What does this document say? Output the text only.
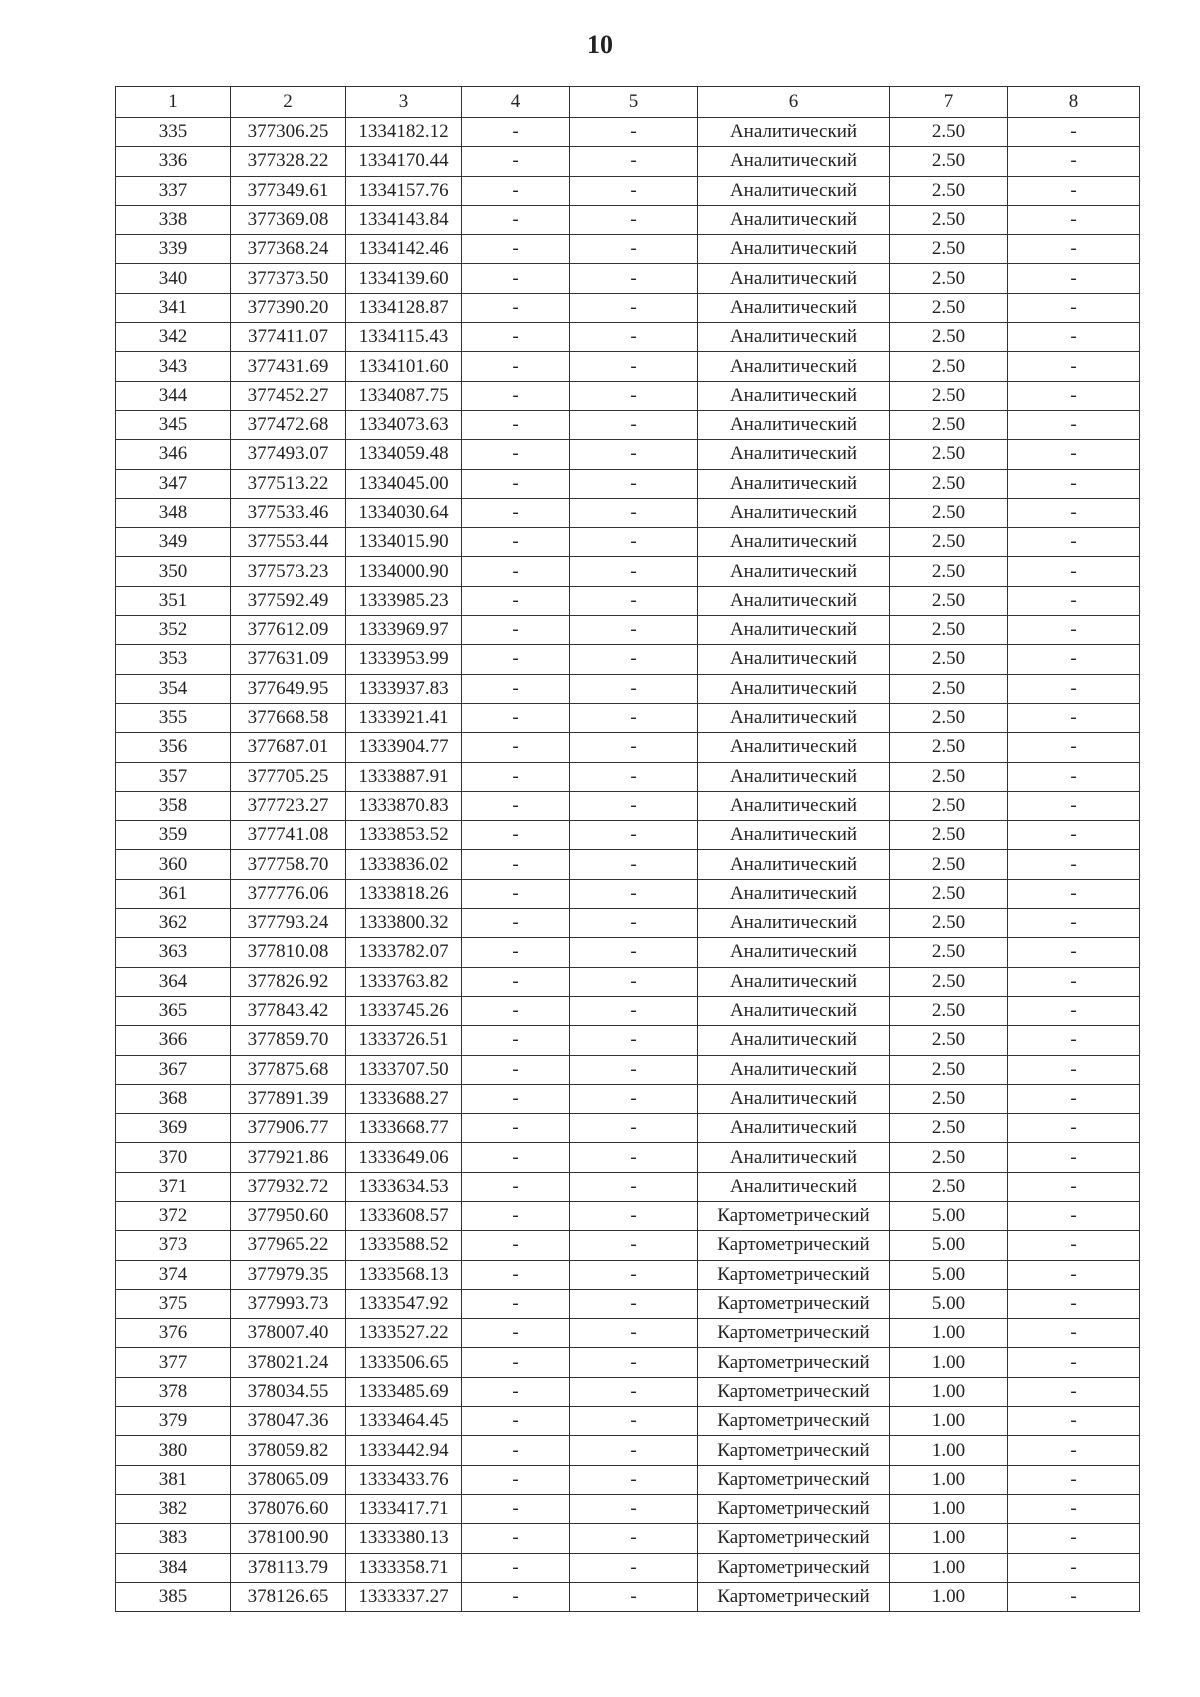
10
1	2	3	4	5	6	7	8
335	377306.25	1334182.12	-	-	Аналитический	2.50	-
336	377328.22	1334170.44	-	-	Аналитический	2.50	-
337	377349.61	1334157.76	-	-	Аналитический	2.50	-
338	377369.08	1334143.84	-	-	Аналитический	2.50	-
339	377368.24	1334142.46	-	-	Аналитический	2.50	-
340	377373.50	1334139.60	-	-	Аналитический	2.50	-
341	377390.20	1334128.87	-	-	Аналитический	2.50	-
342	377411.07	1334115.43	-	-	Аналитический	2.50	-
343	377431.69	1334101.60	-	-	Аналитический	2.50	-
344	377452.27	1334087.75	-	-	Аналитический	2.50	-
345	377472.68	1334073.63	-	-	Аналитический	2.50	-
346	377493.07	1334059.48	-	-	Аналитический	2.50	-
347	377513.22	1334045.00	-	-	Аналитический	2.50	-
348	377533.46	1334030.64	-	-	Аналитический	2.50	-
349	377553.44	1334015.90	-	-	Аналитический	2.50	-
350	377573.23	1334000.90	-	-	Аналитический	2.50	-
351	377592.49	1333985.23	-	-	Аналитический	2.50	-
352	377612.09	1333969.97	-	-	Аналитический	2.50	-
353	377631.09	1333953.99	-	-	Аналитический	2.50	-
354	377649.95	1333937.83	-	-	Аналитический	2.50	-
355	377668.58	1333921.41	-	-	Аналитический	2.50	-
356	377687.01	1333904.77	-	-	Аналитический	2.50	-
357	377705.25	1333887.91	-	-	Аналитический	2.50	-
358	377723.27	1333870.83	-	-	Аналитический	2.50	-
359	377741.08	1333853.52	-	-	Аналитический	2.50	-
360	377758.70	1333836.02	-	-	Аналитический	2.50	-
361	377776.06	1333818.26	-	-	Аналитический	2.50	-
362	377793.24	1333800.32	-	-	Аналитический	2.50	-
363	377810.08	1333782.07	-	-	Аналитический	2.50	-
364	377826.92	1333763.82	-	-	Аналитический	2.50	-
365	377843.42	1333745.26	-	-	Аналитический	2.50	-
366	377859.70	1333726.51	-	-	Аналитический	2.50	-
367	377875.68	1333707.50	-	-	Аналитический	2.50	-
368	377891.39	1333688.27	-	-	Аналитический	2.50	-
369	377906.77	1333668.77	-	-	Аналитический	2.50	-
370	377921.86	1333649.06	-	-	Аналитический	2.50	-
371	377932.72	1333634.53	-	-	Аналитический	2.50	-
372	377950.60	1333608.57	-	-	Картометрический	5.00	-
373	377965.22	1333588.52	-	-	Картометрический	5.00	-
374	377979.35	1333568.13	-	-	Картометрический	5.00	-
375	377993.73	1333547.92	-	-	Картометрический	5.00	-
376	378007.40	1333527.22	-	-	Картометрический	1.00	-
377	378021.24	1333506.65	-	-	Картометрический	1.00	-
378	378034.55	1333485.69	-	-	Картометрический	1.00	-
379	378047.36	1333464.45	-	-	Картометрический	1.00	-
380	378059.82	1333442.94	-	-	Картометрический	1.00	-
381	378065.09	1333433.76	-	-	Картометрический	1.00	-
382	378076.60	1333417.71	-	-	Картометрический	1.00	-
383	378100.90	1333380.13	-	-	Картометрический	1.00	-
384	378113.79	1333358.71	-	-	Картометрический	1.00	-
385	378126.65	1333337.27	-	-	Картометрический	1.00	-
